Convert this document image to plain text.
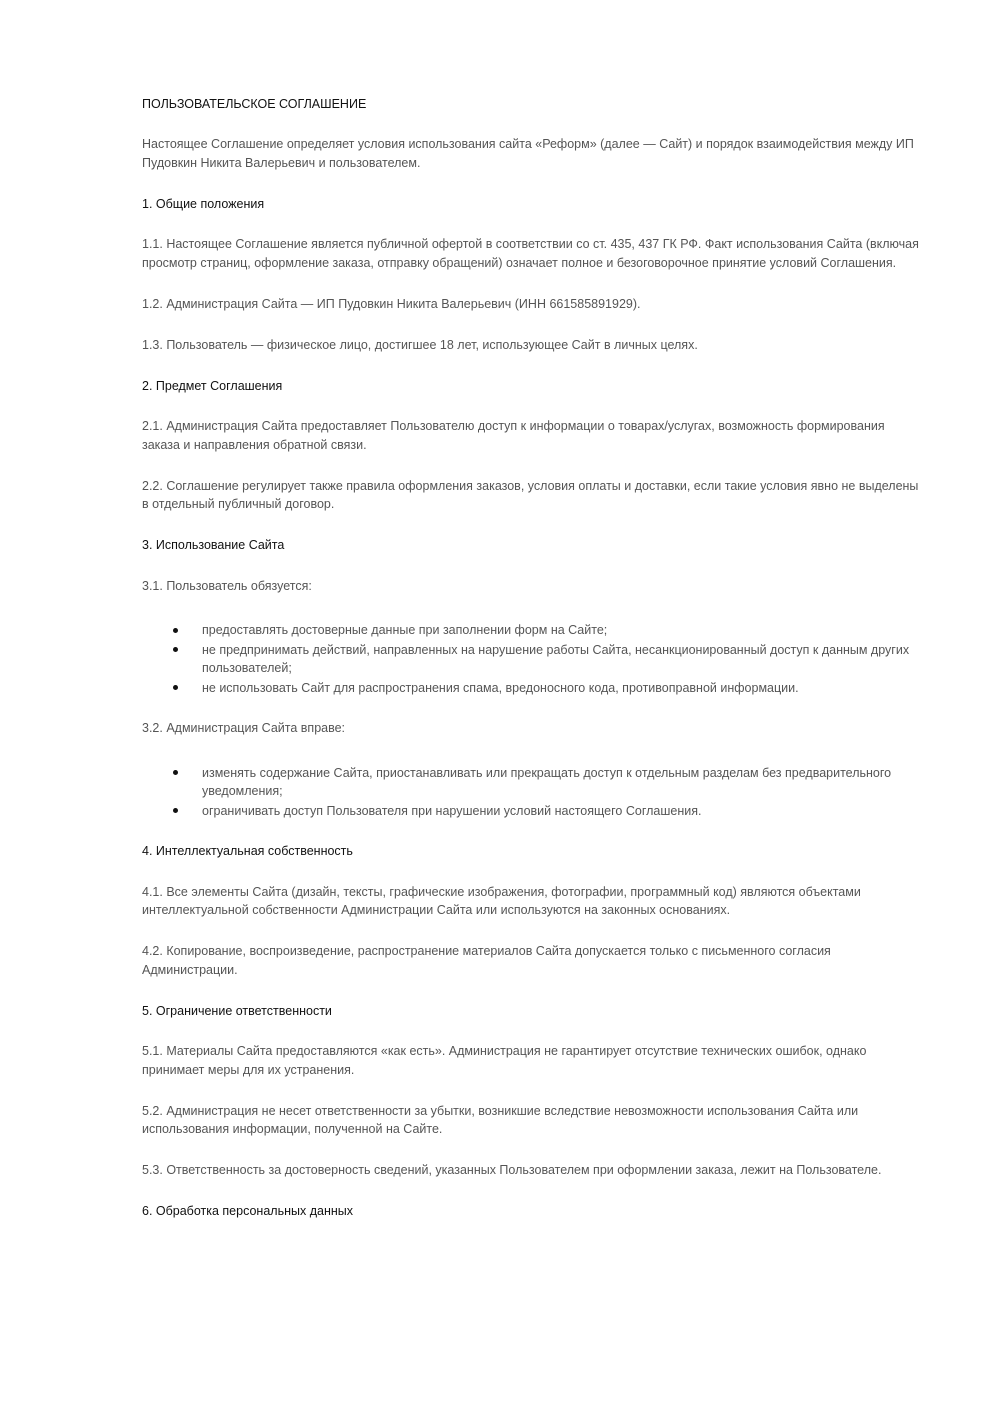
ПОЛЬЗОВАТЕЛЬСКОЕ СОГЛАШЕНИЕ
Настоящее Соглашение определяет условия использования сайта «Реформ» (далее — Сайт) и порядок взаимодействия между ИП Пудовкин Никита Валерьевич и пользователем.
1. Общие положения
1.1. Настоящее Соглашение является публичной офертой в соответствии со ст. 435, 437 ГК РФ. Факт использования Сайта (включая просмотр страниц, оформление заказа, отправку обращений) означает полное и безоговорочное принятие условий Соглашения.
1.2. Администрация Сайта — ИП Пудовкин Никита Валерьевич (ИНН 661585891929).
1.3. Пользователь — физическое лицо, достигшее 18 лет, использующее Сайт в личных целях.
2. Предмет Соглашения
2.1. Администрация Сайта предоставляет Пользователю доступ к информации о товарах/услугах, возможность формирования заказа и направления обратной связи.
2.2. Соглашение регулирует также правила оформления заказов, условия оплаты и доставки, если такие условия явно не выделены в отдельный публичный договор.
3. Использование Сайта
3.1. Пользователь обязуется:
предоставлять достоверные данные при заполнении форм на Сайте;
не предпринимать действий, направленных на нарушение работы Сайта, несанкционированный доступ к данным других пользователей;
не использовать Сайт для распространения спама, вредоносного кода, противоправной информации.
3.2. Администрация Сайта вправе:
изменять содержание Сайта, приостанавливать или прекращать доступ к отдельным разделам без предварительного уведомления;
ограничивать доступ Пользователя при нарушении условий настоящего Соглашения.
4. Интеллектуальная собственность
4.1. Все элементы Сайта (дизайн, тексты, графические изображения, фотографии, программный код) являются объектами интеллектуальной собственности Администрации Сайта или используются на законных основаниях.
4.2. Копирование, воспроизведение, распространение материалов Сайта допускается только с письменного согласия Администрации.
5. Ограничение ответственности
5.1. Материалы Сайта предоставляются «как есть». Администрация не гарантирует отсутствие технических ошибок, однако принимает меры для их устранения.
5.2. Администрация не несет ответственности за убытки, возникшие вследствие невозможности использования Сайта или использования информации, полученной на Сайте.
5.3. Ответственность за достоверность сведений, указанных Пользователем при оформлении заказа, лежит на Пользователе.
6. Обработка персональных данных
